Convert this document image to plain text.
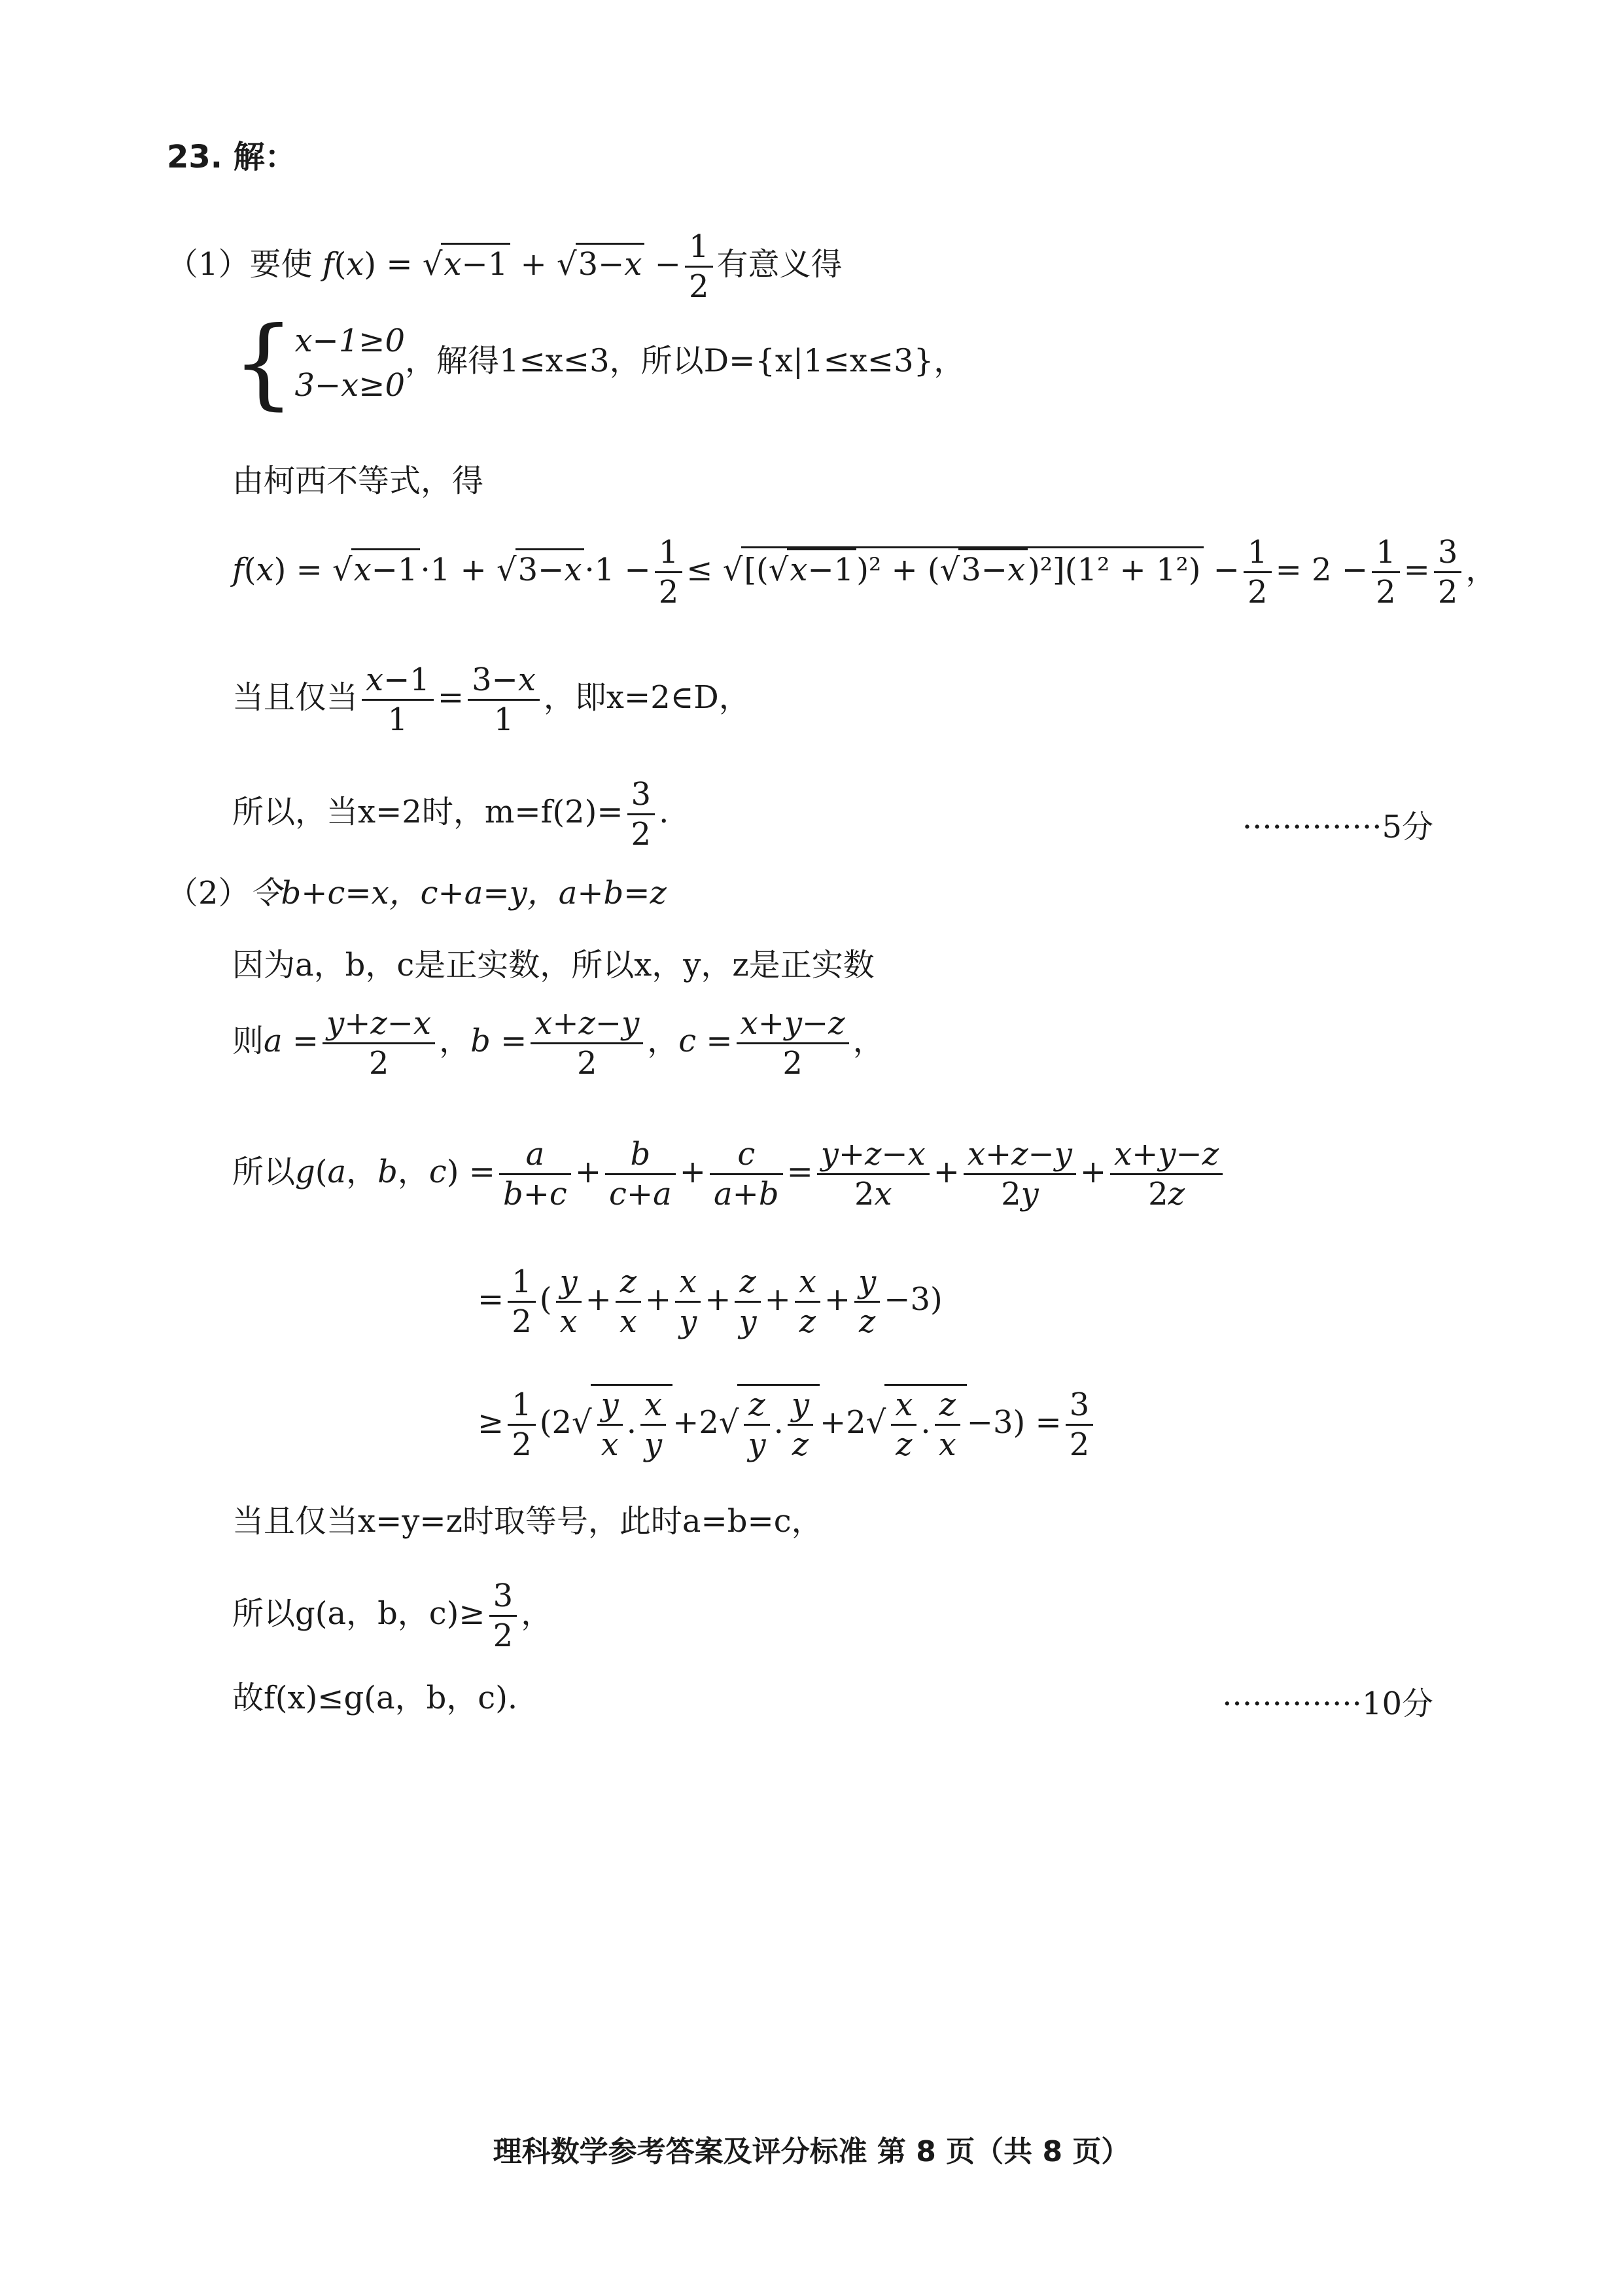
23. 解：
（1）要使 $f(x) = √x-1 + √3-x - \frac{1}{2}$ 有意义得
{ x−1≥0
3−x≥0
，解得1≤x≤3，所以D={x|1≤x≤3}，
由柯西不等式，得
$f(x) = √x-1\cdot 1 + √3-x\cdot 1 - \frac{1}{2} \le √[(√x-1)^2 + (√3-x)^2](1^2 + 1^2) - \frac{1}{2} = 2 - \frac{1}{2} = \frac{3}{2}$ ，
当且仅当 $\frac{x-1}{1} = \frac{3-x}{1}$ ，即x=2∈D，
所以，当x=2时，$m=f(2)= \frac{3}{2}$ .	··············5分
（2）令b+c=x，c+a=y，a+b=z
因为a，b，c是正实数，所以x，y，z是正实数
则$a = \frac{y+z-x}{2}$ ，$b = \frac{x+z-y}{2}$ ，$c = \frac{x+y-z}{2}$ ，
所以g(a，b，$c) = \frac{a}{b+c} + \frac{b}{c+a} + \frac{c}{a+b} = \frac{y+z-x}{2x} + \frac{x+z-y}{2y} + \frac{x+y-z}{2z}$
= $\frac{1}{2}$ ( $\frac{y}{x} + \frac{z}{x} + \frac{x}{y} + \frac{z}{y} + \frac{x}{z} + \frac{y}{z} -3$)
≥ $\frac{1}{2} (2√ \frac{y}{x}$ . $\frac{x}{y} +2√ \frac{z}{y}$ . $\frac{y}{z} +2√ \frac{x}{z}$ . $\frac{z}{x} -3) = \frac{3}{2}$
当且仅当x=y=z时取等号，此时a=b=c，
所以g(a，b，$c)\ge \frac{3}{2}$ ，
故f(x)≤g(a，b，c).	··············10分
理科数学参考答案及评分标准 第 8 页（共 8 页）
